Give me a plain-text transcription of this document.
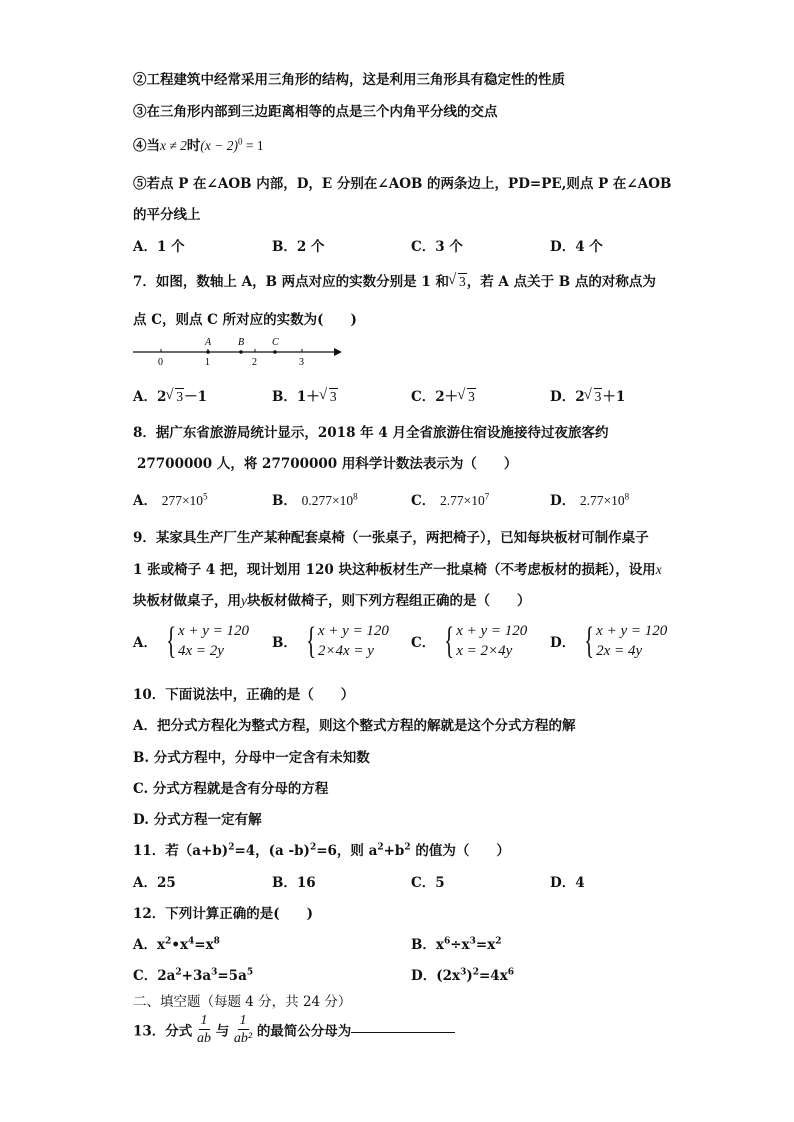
②工程建筑中经常采用三角形的结构，这是利用三角形具有稳定性的性质
③在三角形内部到三边距离相等的点是三个内角平分线的交点
④当x ≠ 2时$(x - 2)^0 = 1$
⑤若点 P 在∠AOB 内部，D，E 分别在∠AOB 的两条边上，PD=PE,则点 P 在∠AOB
的平分线上
A．1 个	B．2 个	C．3 个	D．4 个
7．如图，数轴上 A，B 两点对应的实数分别是 1 和 √ 3，若 A 点关于 B 点的对称点为
点 C，则点 C 所对应的实数为(　　)
0	1	2	3
A	B	C
A．2 √ 3－1	B．1＋ √ 3	C．2＋ √ 3	D．2 √ 3＋1
8．据广东省旅游局统计显示，2018 年 4 月全省旅游住宿设施接待过夜旅客约
27700000 人，将 27700000 用科学计数法表示为（　　）
A． $277\times 10^5$	B． $0.277\times 10^8$	C． $2.77\times 10^7$	D． $2.77\times 10^8$
9．某家具生产厂生产某种配套桌椅（一张桌子，两把椅子），已知每块板材可制作桌子
1 张或椅子 4 把，现计划用 120 块这种板材生产一批桌椅（不考虑板材的损耗），设用x
块板材做桌子，用y块板材做椅子，则下列方程组正确的是（　　）
A． { x + y = 120
4x = 2y	B． { x + y = 120
2×4x = y	C． { x + y = 120
x = 2×4y	D． { x + y = 120
2x = 4y
10．下面说法中，正确的是（　　）
A．把分式方程化为整式方程，则这个整式方程的解就是这个分式方程的解
B. 分式方程中，分母中一定含有未知数
C. 分式方程就是含有分母的方程
D. 分式方程一定有解
11．若（a+b)$^2$=4，(a -b)$^2$=6，则 $a^2+b^2$ 的值为（　　）
A．25	B．16	C．5	D．4
12．下列计算正确的是(　　)
A．$x^2•x^4=x^8$	B．$x^6\div x^3=x^2$
C．$2a^2+3a^3=5a^5$	D．$(2x^3)^2=4x^6$
二、填空题（每题 4 分，共 24 分）
13．分式 $\frac{1}{ab}$ 与 $\frac{1}{\text{ab²}}$ 的最简公分母为
